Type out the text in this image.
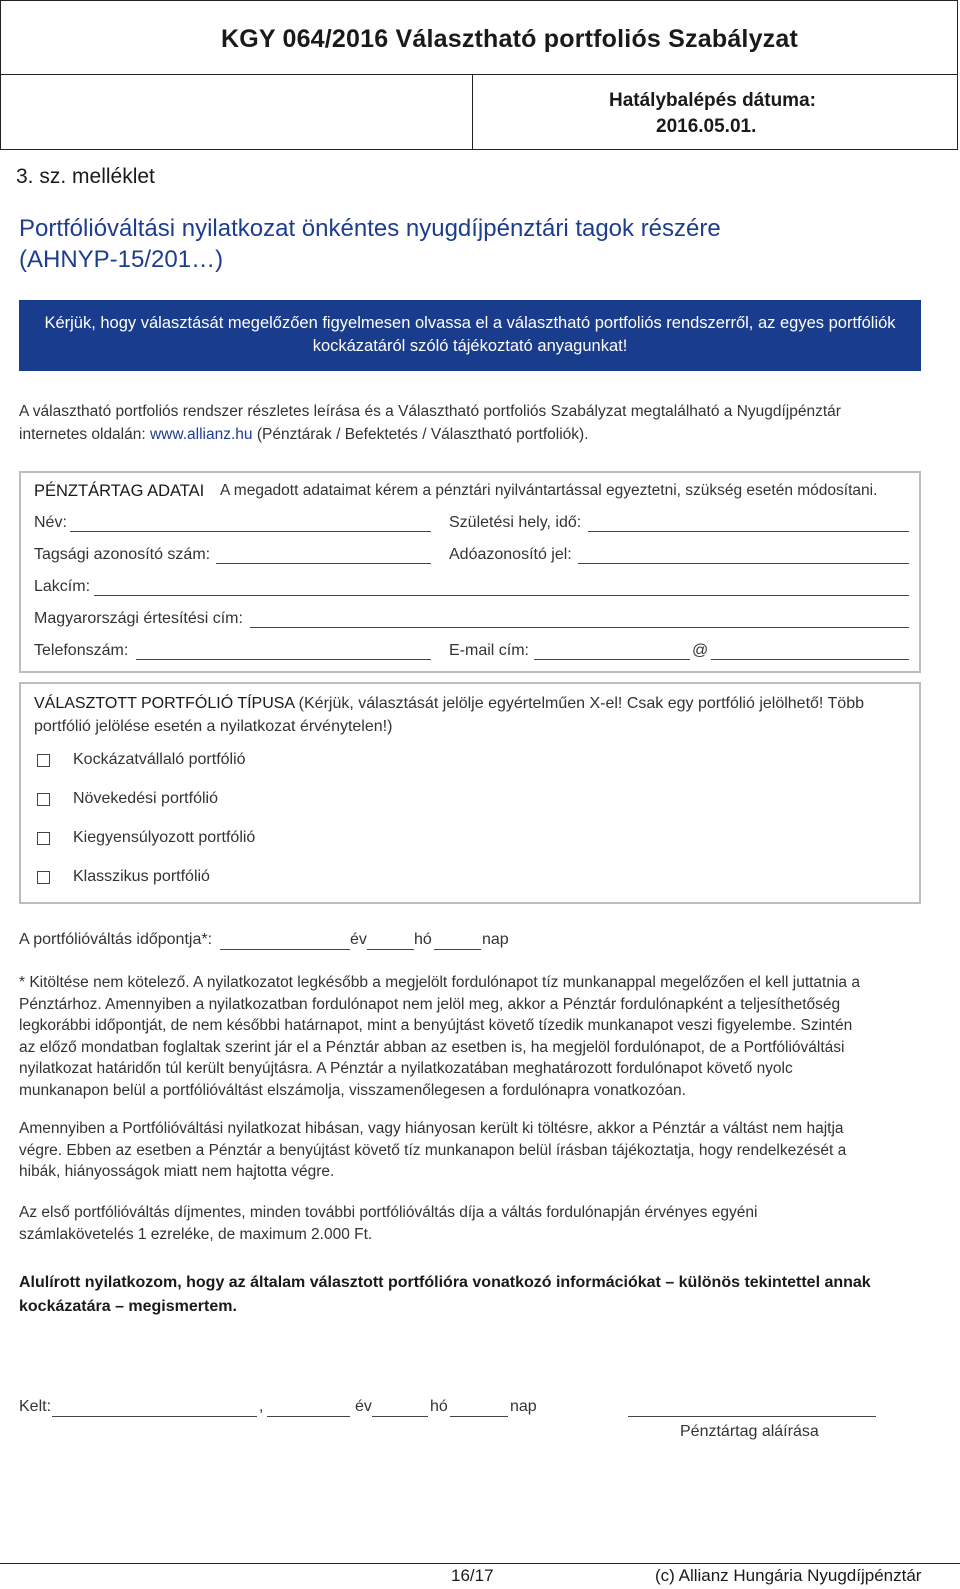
KGY 064/2016 Választható portfoliós Szabályzat
Hatálybalépés dátuma:
2016.05.01.
3. sz. melléklet
Portfólióváltási nyilatkozat önkéntes nyugdíjpénztári tagok részére
(AHNYP-15/201…)
Kérjük, hogy választását megelőzően figyelmesen olvassa el a választható portfoliós rendszerről, az egyes portfóliók
kockázatáról szóló tájékoztató anyagunkat!
A választható portfoliós rendszer részletes leírása és a Választható portfoliós Szabályzat megtalálható a Nyugdíjpénztár
internetes oldalán: www.allianz.hu (Pénztárak / Befektetés / Választható portfoliók).
PÉNZTÁRTAG ADATAI A megadott adataimat kérem a pénztári nyilvántartással egyeztetni, szükség esetén módosítani.
Név:	Születési hely, idő:
Tagsági azonosító szám:	Adóazonosító jel:
Lakcím:
Magyarországi értesítési cím:
Telefonszám:	E-mail cím:	@
VÁLASZTOTT PORTFÓLIÓ TÍPUSA (Kérjük, választását jelölje egyértelműen X-el! Csak egy portfólió jelölhető! Több
portfólió jelölése esetén a nyilatkozat érvénytelen!)
Kockázatvállaló portfólió
Növekedési portfólió
Kiegyensúlyozott portfólió
Klasszikus portfólió
A portfólióváltás időpontja*:	év	hó	nap
* Kitöltése nem kötelező. A nyilatkozatot legkésőbb a megjelölt fordulónapot tíz munkanappal megelőzően el kell juttatnia a
Pénztárhoz. Amennyiben a nyilatkozatban fordulónapot nem jelöl meg, akkor a Pénztár fordulónapként a teljesíthetőség
legkorábbi időpontját, de nem későbbi határnapot, mint a benyújtást követő tízedik munkanapot veszi figyelembe. Szintén
az előző mondatban foglaltak szerint jár el a Pénztár abban az esetben is, ha megjelöl fordulónapot, de a Portfólióváltási
nyilatkozat határidőn túl került benyújtásra. A Pénztár a nyilatkozatában meghatározott fordulónapot követő nyolc
munkanapon belül a portfólióváltást elszámolja, visszamenőlegesen a fordulónapra vonatkozóan.
Amennyiben a Portfólióváltási nyilatkozat hibásan, vagy hiányosan került ki töltésre, akkor a Pénztár a váltást nem hajtja
végre. Ebben az esetben a Pénztár a benyújtást követő tíz munkanapon belül írásban tájékoztatja, hogy rendelkezését a
hibák, hiányosságok miatt nem hajtotta végre.
Az első portfólióváltás díjmentes, minden további portfólióváltás díja a váltás fordulónapján érvényes egyéni
számlakövetelés 1 ezreléke, de maximum 2.000 Ft.
Alulírott nyilatkozom, hogy az általam választott portfólióra vonatkozó információkat – különös tekintettel annak
kockázatára – megismertem.
Kelt:	,	év	hó	nap
Pénztártag aláírása
16/17	(c) Allianz Hungária Nyugdíjpénztár
